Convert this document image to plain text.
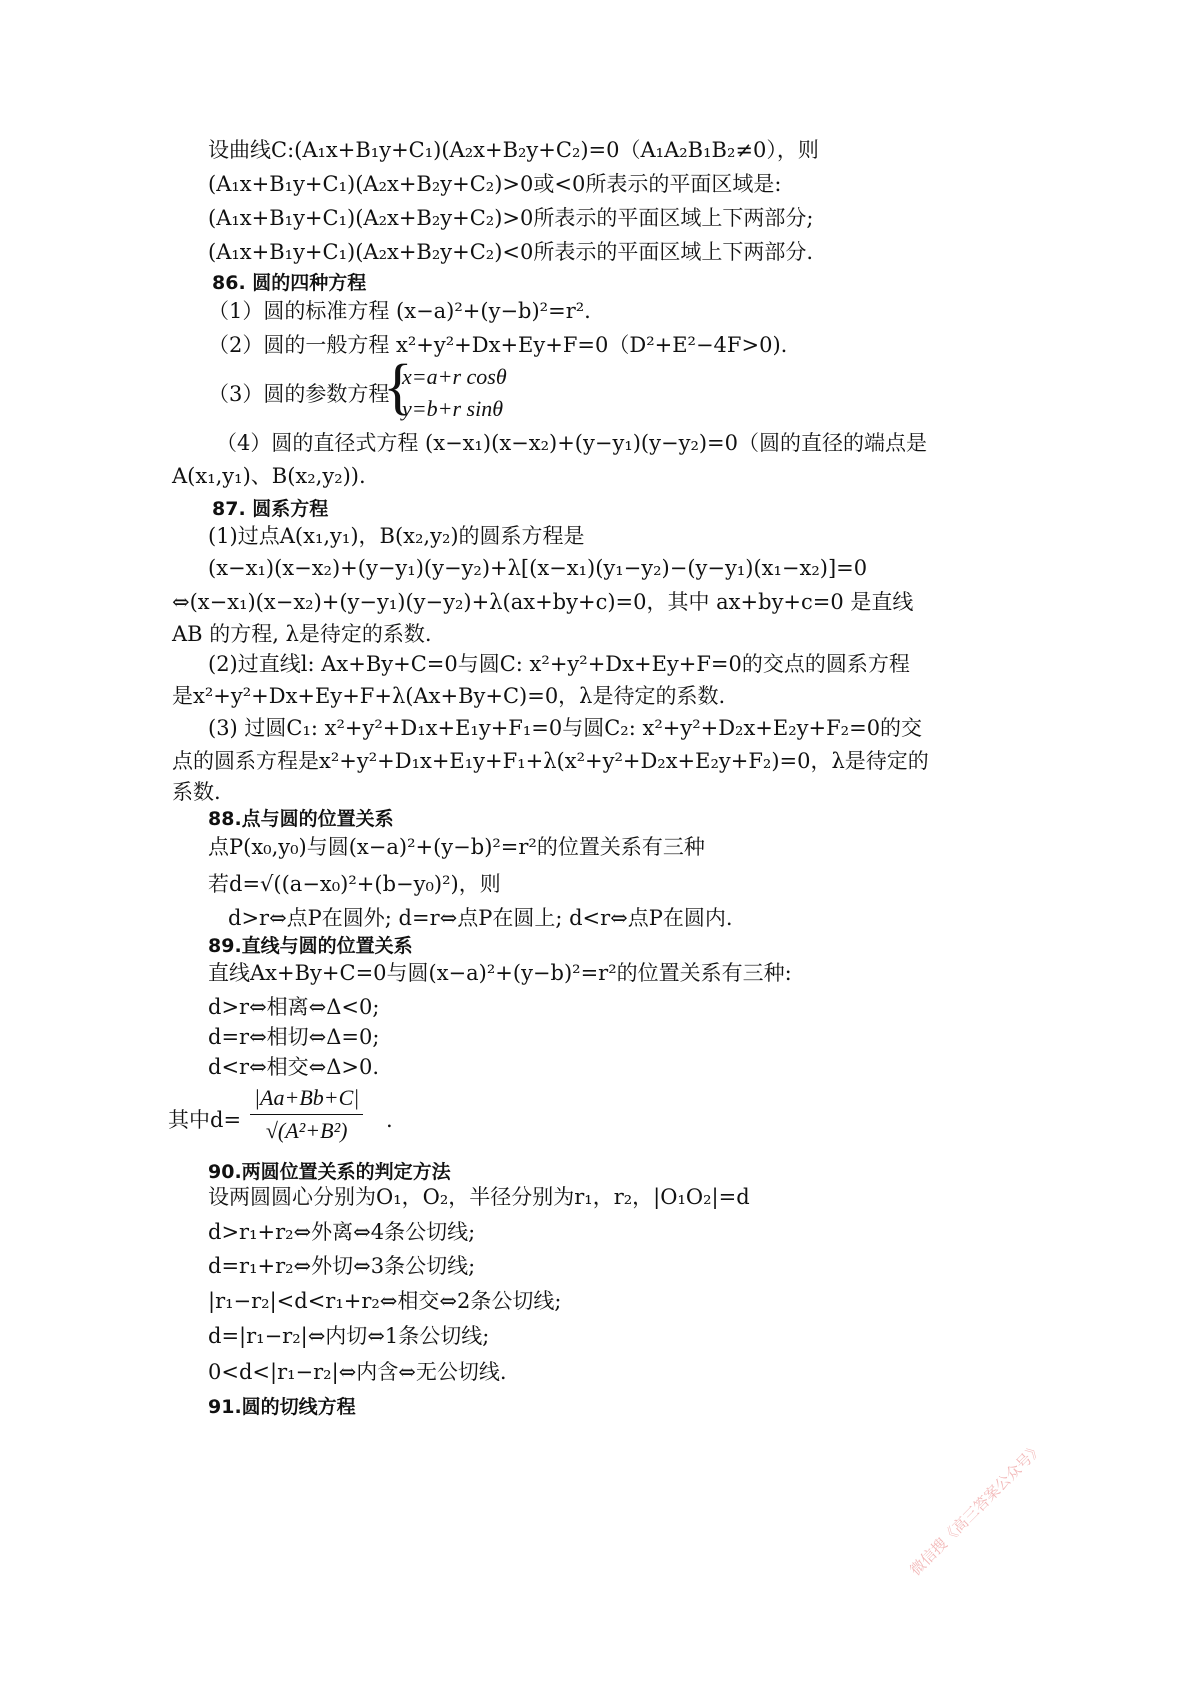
设曲线C:(A₁x+B₁y+C₁)(A₂x+B₂y+C₂)=0（A₁A₂B₁B₂≠0），则
(A₁x+B₁y+C₁)(A₂x+B₂y+C₂)>0或<0所表示的平面区域是:
(A₁x+B₁y+C₁)(A₂x+B₂y+C₂)>0所表示的平面区域上下两部分;
(A₁x+B₁y+C₁)(A₂x+B₂y+C₂)<0所表示的平面区域上下两部分.
86. 圆的四种方程
（1）圆的标准方程 (x−a)²+(y−b)²=r².
（2）圆的一般方程 x²+y²+Dx+Ey+F=0（D²+E²−4F>0).
（3）圆的参数方程
{
x=a+r cosθ
y=b+r sinθ
（4）圆的直径式方程 (x−x₁)(x−x₂)+(y−y₁)(y−y₂)=0（圆的直径的端点是
A(x₁,y₁)、B(x₂,y₂)).
87. 圆系方程
(1)过点A(x₁,y₁)，B(x₂,y₂)的圆系方程是
(x−x₁)(x−x₂)+(y−y₁)(y−y₂)+λ[(x−x₁)(y₁−y₂)−(y−y₁)(x₁−x₂)]=0
⇔(x−x₁)(x−x₂)+(y−y₁)(y−y₂)+λ(ax+by+c)=0，其中 ax+by+c=0 是直线
AB 的方程, λ是待定的系数.
(2)过直线l: Ax+By+C=0与圆C: x²+y²+Dx+Ey+F=0的交点的圆系方程
是x²+y²+Dx+Ey+F+λ(Ax+By+C)=0，λ是待定的系数.
(3) 过圆C₁: x²+y²+D₁x+E₁y+F₁=0与圆C₂: x²+y²+D₂x+E₂y+F₂=0的交
点的圆系方程是x²+y²+D₁x+E₁y+F₁+λ(x²+y²+D₂x+E₂y+F₂)=0，λ是待定的
系数.
88.点与圆的位置关系
点P(x₀,y₀)与圆(x−a)²+(y−b)²=r²的位置关系有三种
若d=√((a−x₀)²+(b−y₀)²)，则
d>r⇔点P在圆外; d=r⇔点P在圆上; d<r⇔点P在圆内.
89.直线与圆的位置关系
直线Ax+By+C=0与圆(x−a)²+(y−b)²=r²的位置关系有三种:
d>r⇔相离⇔Δ<0;
d=r⇔相切⇔Δ=0;
d<r⇔相交⇔Δ>0.
其中$d= \frac{|Aa+Bb+C|}{\text{√(A²+B²)}}$ .
90.两圆位置关系的判定方法
设两圆圆心分别为O₁，O₂，半径分别为r₁，r₂，|O₁O₂|=d
d>r₁+r₂⇔外离⇔4条公切线;
d=r₁+r₂⇔外切⇔3条公切线;
|r₁−r₂|<d<r₁+r₂⇔相交⇔2条公切线;
d=|r₁−r₂|⇔内切⇔1条公切线;
0<d<|r₁−r₂|⇔内含⇔无公切线.
91.圆的切线方程
微信搜《高三答案公众号》
